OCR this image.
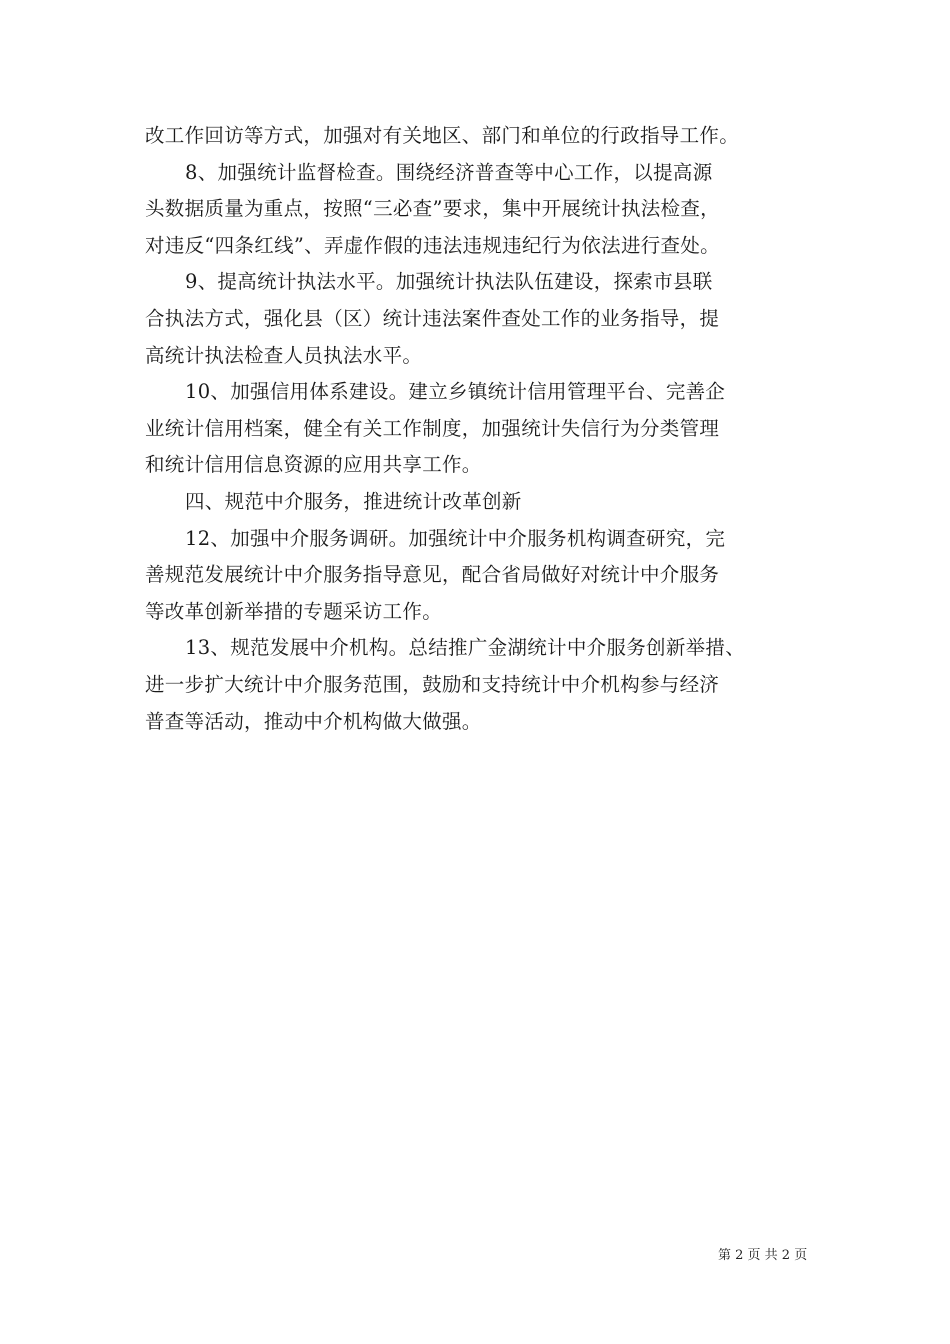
改工作回访等方式，加强对有关地区、部门和单位的行政指导工作。
8、加强统计监督检查。围绕经济普查等中心工作，以提高源
头数据质量为重点，按照“三必查”要求，集中开展统计执法检查，
对违反“四条红线”、弄虚作假的违法违规违纪行为依法进行查处。
9、提高统计执法水平。加强统计执法队伍建设，探索市县联
合执法方式，强化县（区）统计违法案件查处工作的业务指导，提
高统计执法检查人员执法水平。
10、加强信用体系建设。建立乡镇统计信用管理平台、完善企
业统计信用档案，健全有关工作制度，加强统计失信行为分类管理
和统计信用信息资源的应用共享工作。
四、规范中介服务，推进统计改革创新
12、加强中介服务调研。加强统计中介服务机构调查研究，完
善规范发展统计中介服务指导意见，配合省局做好对统计中介服务
等改革创新举措的专题采访工作。
13、规范发展中介机构。总结推广金湖统计中介服务创新举措、
进一步扩大统计中介服务范围，鼓励和支持统计中介机构参与经济
普查等活动，推动中介机构做大做强。

第 2 页 共 2 页
